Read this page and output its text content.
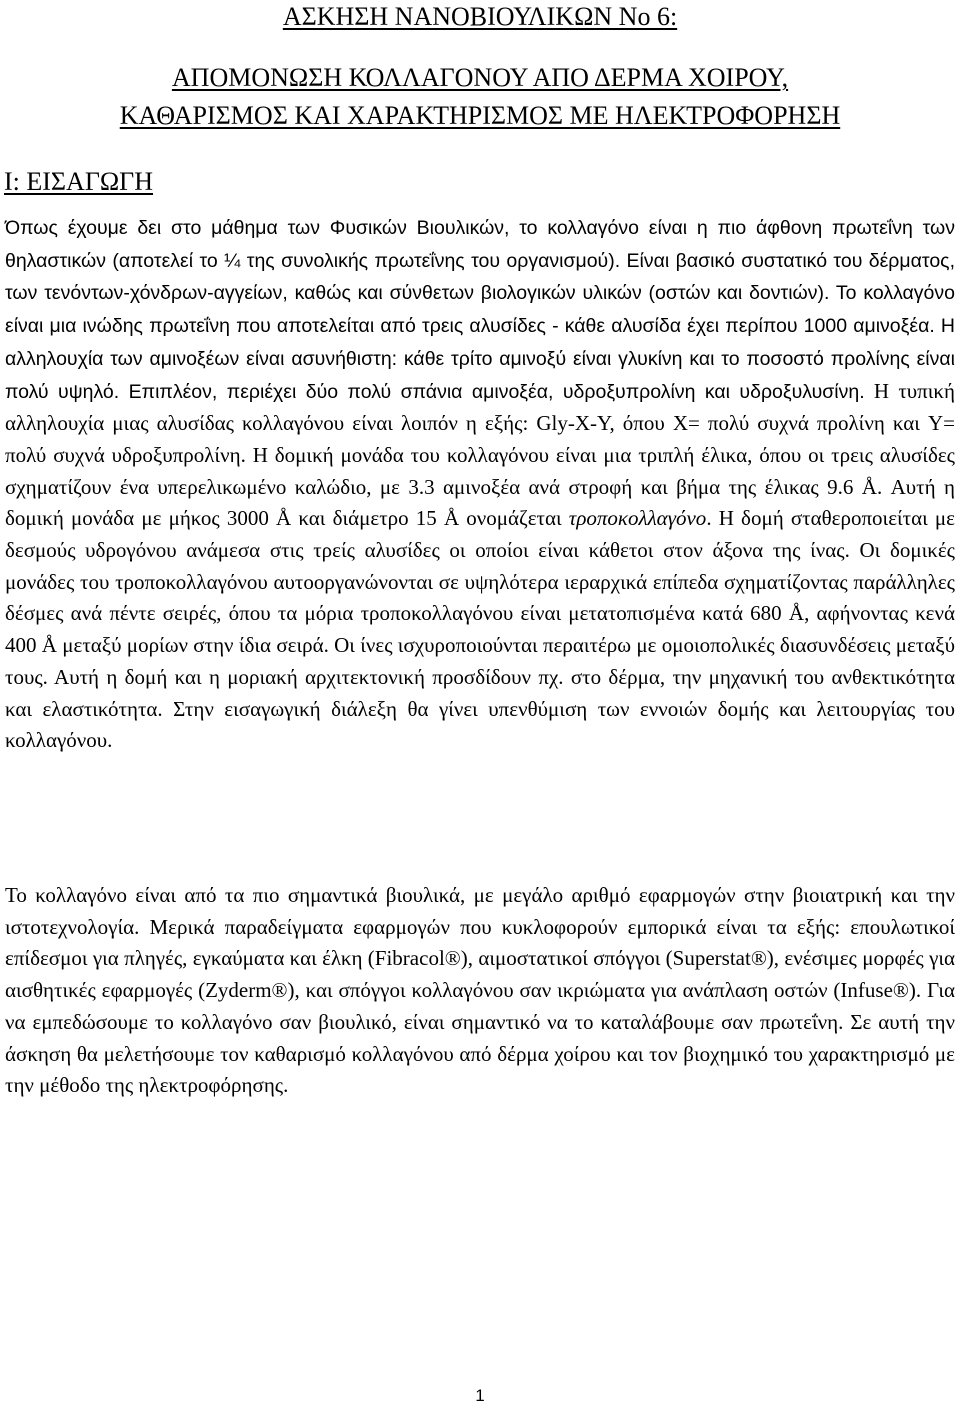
ΑΣΚΗΣΗ ΝΑΝΟΒΙΟΥΛΙΚΩΝ No 6:
ΑΠΟΜΟΝΩΣΗ ΚΟΛΛΑΓΟΝΟΥ ΑΠΟ ΔΕΡΜΑ ΧΟΙΡΟΥ,
ΚΑΘΑΡΙΣΜΟΣ ΚΑΙ ΧΑΡΑΚΤΗΡΙΣΜΟΣ ΜΕ ΗΛΕΚΤΡΟΦΟΡΗΣΗ
Ι: ΕΙΣΑΓΩΓΗ

Όπως έχουμε δει στο μάθημα των Φυσικών Βιουλικών, το κολλαγόνο είναι η πιο άφθονη πρωτεΐνη των θηλαστικών (αποτελεί το ¼ της συνολικής πρωτεΐνης του οργανισμού). Είναι βασικό συστατικό του δέρματος, των τενόντων-χόνδρων-αγγείων, καθώς και σύνθετων βιολογικών υλικών (οστών και δοντιών). Το κολλαγόνο είναι μια ινώδης πρωτεΐνη που αποτελείται από τρεις αλυσίδες - κάθε αλυσίδα έχει περίπου 1000 αμινοξέα. Η αλληλουχία των αμινοξέων είναι ασυνήθιστη: κάθε τρίτο αμινοξύ είναι γλυκίνη και το ποσοστό προλίνης είναι πολύ υψηλό. Επιπλέον, περιέχει δύο πολύ σπάνια αμινοξέα, υδροξυπρολίνη και υδροξυλυσίνη. Η τυπική αλληλουχία μιας αλυσίδας κολλαγόνου είναι λοιπόν η εξής: Gly-X-Y, όπου X= πολύ συχνά προλίνη και Y= πολύ συχνά υδροξυπρολίνη. Η δομική μονάδα του κολλαγόνου είναι μια τριπλή έλικα, όπου οι τρεις αλυσίδες σχηματίζουν ένα υπερελικωμένο καλώδιο, με 3.3 αμινοξέα ανά στροφή και βήμα της έλικας 9.6 Å. Αυτή η δομική μονάδα με μήκος 3000 Å και διάμετρο 15 Å ονομάζεται τροποκολλαγόνο. Η δομή σταθεροποιείται με δεσμούς υδρογόνου ανάμεσα στις τρείς αλυσίδες οι οποίοι είναι κάθετοι στον άξονα της ίνας. Οι δομικές μονάδες του τροποκολλαγόνου αυτοοργανώνονται σε υψηλότερα ιεραρχικά επίπεδα σχηματίζοντας παράλληλες δέσμες ανά πέντε σειρές, όπου τα μόρια τροποκολλαγόνου είναι μετατοπισμένα κατά 680 Å, αφήνοντας κενά 400 Å μεταξύ μορίων στην ίδια σειρά. Οι ίνες ισχυροποιούνται περαιτέρω με ομοιοπολικές διασυνδέσεις μεταξύ τους. Αυτή η δομή και η μοριακή αρχιτεκτονική προσδίδουν πχ. στο δέρμα, την μηχανική του ανθεκτικότητα και ελαστικότητα. Στην εισαγωγική διάλεξη θα γίνει υπενθύμιση των εννοιών δομής και λειτουργίας του κολλαγόνου.

Το κολλαγόνο είναι από τα πιο σημαντικά βιουλικά, με μεγάλο αριθμό εφαρμογών στην βιοιατρική και την ιστοτεχνολογία. Μερικά παραδείγματα εφαρμογών που κυκλοφορούν εμπορικά είναι τα εξής: επουλωτικοί επίδεσμοι για πληγές, εγκαύματα και έλκη (Fibracol®), αιμοστατικοί σπόγγοι (Superstat®), ενέσιμες μορφές για αισθητικές εφαρμογές (Zyderm®), και σπόγγοι κολλαγόνου σαν ικριώματα για ανάπλαση οστών (Infuse®). Για να εμπεδώσουμε το κολλαγόνο σαν βιουλικό, είναι σημαντικό να το καταλάβουμε σαν πρωτεΐνη. Σε αυτή την άσκηση θα μελετήσουμε τον καθαρισμό κολλαγόνου από δέρμα χοίρου και τον βιοχημικό του χαρακτηρισμό με την μέθοδο της ηλεκτροφόρησης.

1
